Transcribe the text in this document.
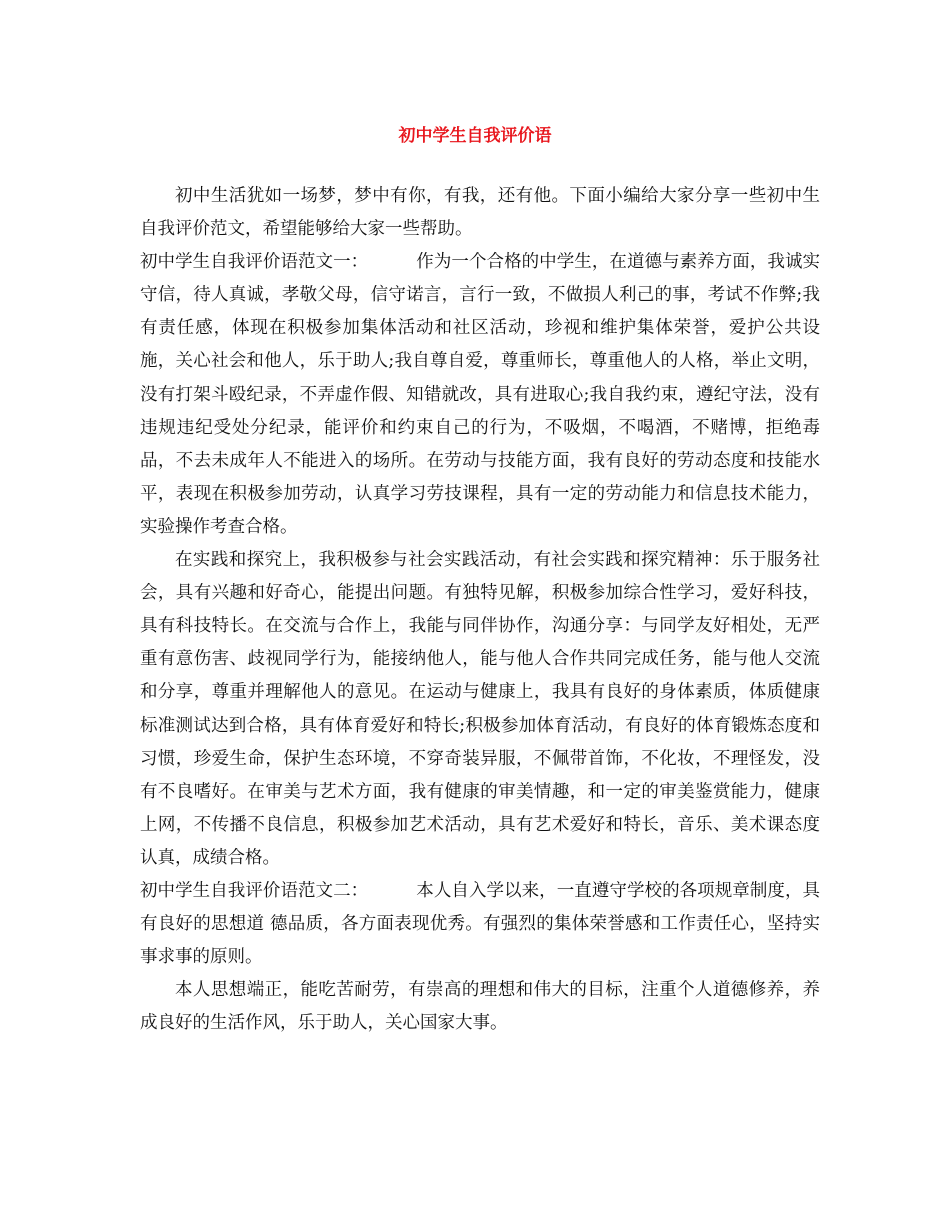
初中学生自我评价语

初中生活犹如一场梦，梦中有你，有我，还有他。下面小编给大家分享一些初中生自我评价范文，希望能够给大家一些帮助。

初中学生自我评价语范文一：	作为一个合格的中学生，在道德与素养方面，我诚实守信，待人真诚，孝敬父母，信守诺言，言行一致，不做损人利己的事，考试不作弊;我有责任感，体现在积极参加集体活动和社区活动，珍视和维护集体荣誉，爱护公共设施，关心社会和他人，乐于助人;我自尊自爱，尊重师长，尊重他人的人格，举止文明，没有打架斗殴纪录，不弄虚作假、知错就改，具有进取心;我自我约束，遵纪守法，没有违规违纪受处分纪录，能评价和约束自己的行为，不吸烟，不喝酒，不赌博，拒绝毒品，不去未成年人不能进入的场所。在劳动与技能方面，我有良好的劳动态度和技能水平，表现在积极参加劳动，认真学习劳技课程，具有一定的劳动能力和信息技术能力，实验操作考查合格。

在实践和探究上，我积极参与社会实践活动，有社会实践和探究精神：乐于服务社会，具有兴趣和好奇心，能提出问题。有独特见解，积极参加综合性学习，爱好科技，具有科技特长。在交流与合作上，我能与同伴协作，沟通分享：与同学友好相处，无严重有意伤害、歧视同学行为，能接纳他人，能与他人合作共同完成任务，能与他人交流和分享，尊重并理解他人的意见。在运动与健康上，我具有良好的身体素质，体质健康标准测试达到合格，具有体育爱好和特长;积极参加体育活动，有良好的体育锻炼态度和习惯，珍爱生命，保护生态环境，不穿奇装异服，不佩带首饰，不化妆，不理怪发，没有不良嗜好。在审美与艺术方面，我有健康的审美情趣，和一定的审美鉴赏能力，健康上网，不传播不良信息，积极参加艺术活动，具有艺术爱好和特长，音乐、美术课态度认真，成绩合格。

初中学生自我评价语范文二：	本人自入学以来，一直遵守学校的各项规章制度，具有良好的思想道 德品质，各方面表现优秀。有强烈的集体荣誉感和工作责任心，坚持实事求事的原则。

本人思想端正，能吃苦耐劳，有崇高的理想和伟大的目标，注重个人道德修养，养成良好的生活作风，乐于助人，关心国家大事。
